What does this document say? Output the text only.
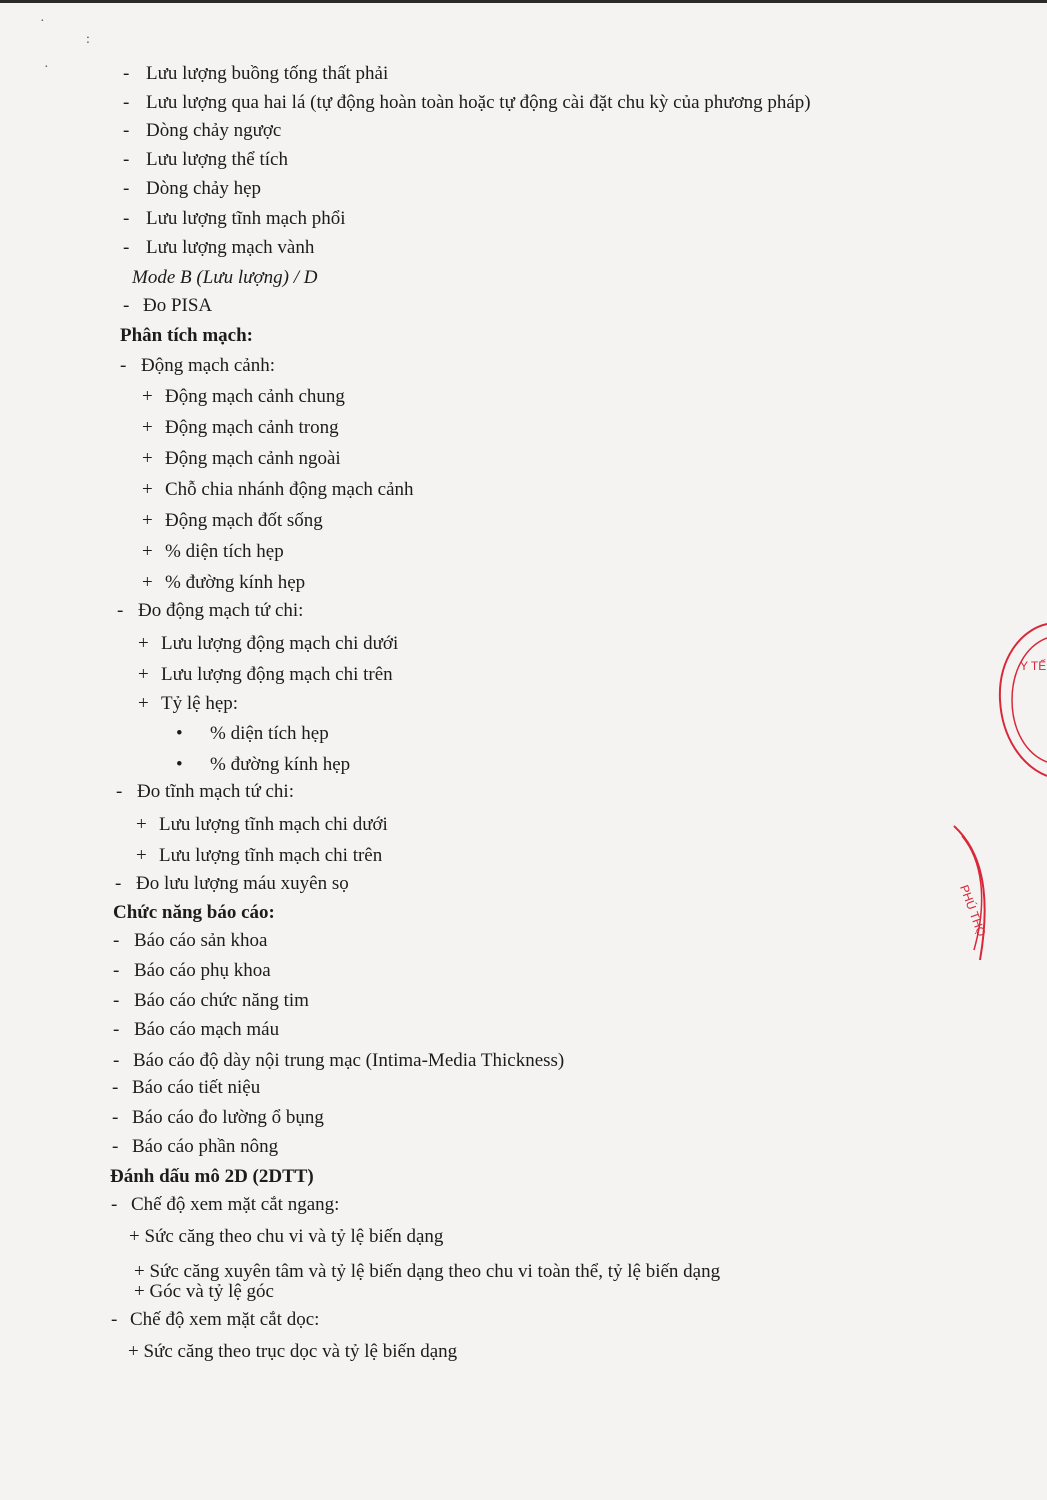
·
:
·	- Lưu lượng buồng tống thất phải
- Lưu lượng qua hai lá (tự động hoàn toàn hoặc tự động cài đặt chu kỳ của phương pháp)
- Dòng chảy ngược
- Lưu lượng thể tích
- Dòng chảy hẹp
- Lưu lượng tĩnh mạch phổi
- Lưu lượng mạch vành
Mode B (Lưu lượng) / D
- Đo PISA
Phân tích mạch:
- Động mạch cảnh:
+ Động mạch cảnh chung
+ Động mạch cảnh trong
+ Động mạch cảnh ngoài
+ Chỗ chia nhánh động mạch cảnh
+ Động mạch đốt sống
+ % diện tích hẹp
+ % đường kính hẹp
- Đo động mạch tứ chi:
+ Lưu lượng động mạch chi dưới
+ Lưu lượng động mạch chi trên
+ Tỷ lệ hẹp:
• % diện tích hẹp
• % đường kính hẹp
- Đo tĩnh mạch tứ chi:
+ Lưu lượng tĩnh mạch chi dưới
+ Lưu lượng tĩnh mạch chi trên
- Đo lưu lượng máu xuyên sọ
Chức năng báo cáo:
- Báo cáo sản khoa
- Báo cáo phụ khoa
- Báo cáo chức năng tim
- Báo cáo mạch máu
- Báo cáo độ dày nội trung mạc (Intima-Media Thickness)
- Báo cáo tiết niệu
- Báo cáo đo lường ổ bụng
- Báo cáo phần nông
Đánh dấu mô 2D (2DTT)
- Chế độ xem mặt cắt ngang:
+ Sức căng theo chu vi và tỷ lệ biến dạng
+ Sức căng xuyên tâm và tỷ lệ biến dạng theo chu vi toàn thể, tỷ lệ biến dạng
+ Góc và tỷ lệ góc
- Chế độ xem mặt cắt dọc:
+ Sức căng theo trục dọc và tỷ lệ biến dạng
Y TẾ
PHÚ THỌ
